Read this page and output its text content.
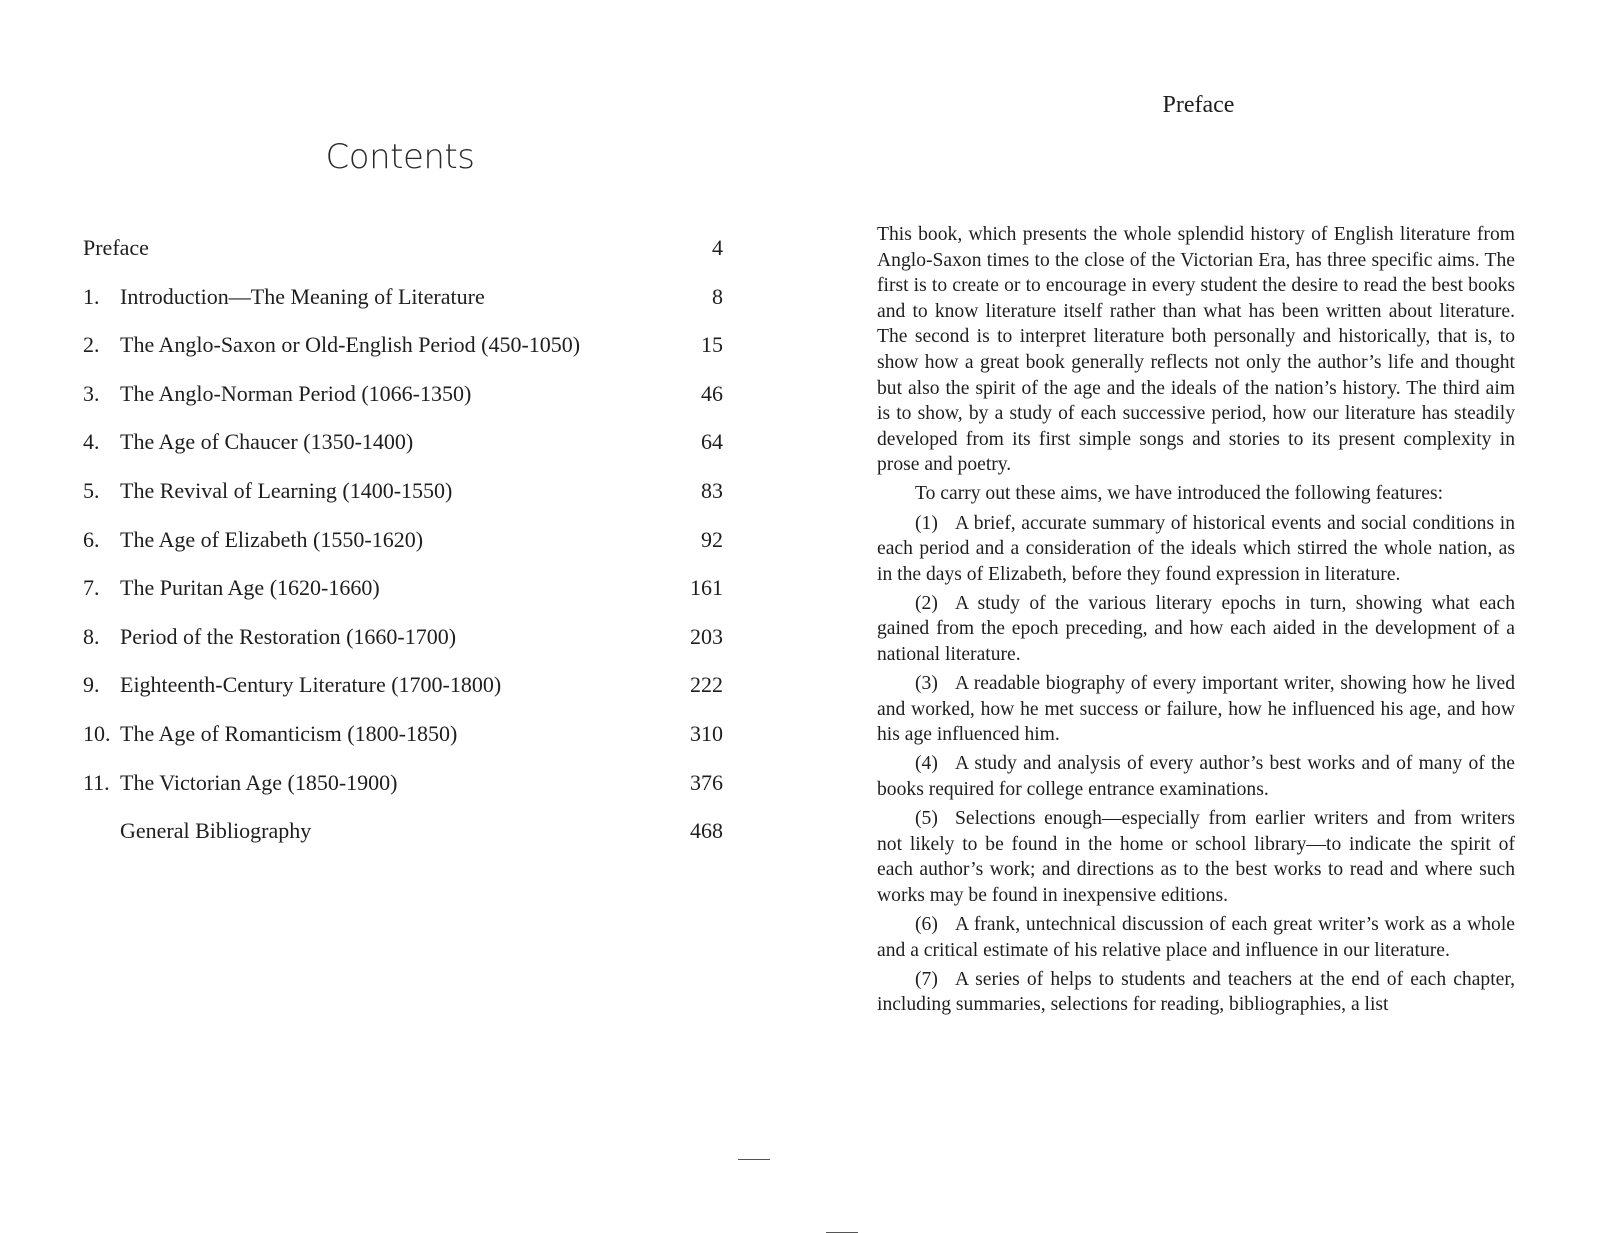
Contents
Preface	4
1. Introduction—The Meaning of Literature	8
2. The Anglo-Saxon or Old-English Period (450-1050)	15
3. The Anglo-Norman Period (1066-1350)	46
4. The Age of Chaucer (1350-1400)	64
5. The Revival of Learning (1400-1550)	83
6. The Age of Elizabeth (1550-1620)	92
7. The Puritan Age (1620-1660)	161
8. Period of the Restoration (1660-1700)	203
9. Eighteenth-Century Literature (1700-1800)	222
10. The Age of Romanticism (1800-1850)	310
11. The Victorian Age (1850-1900)	376
General Bibliography	468
Preface

This book, which presents the whole splendid history of English literature from Anglo-Saxon times to the close of the Victorian Era, has three specific aims. The first is to create or to encourage in every student the desire to read the best books and to know literature itself rather than what has been written about literature. The second is to interpret literature both personally and historically, that is, to show how a great book generally reflects not only the author’s life and thought but also the spirit of the age and the ideals of the nation’s history. The third aim is to show, by a study of each successive period, how our literature has steadily developed from its first simple songs and stories to its present complexity in prose and poetry.

To carry out these aims, we have introduced the following features:

(1) A brief, accurate summary of historical events and social conditions in each period and a consideration of the ideals which stirred the whole nation, as in the days of Elizabeth, before they found expression in literature.

(2) A study of the various literary epochs in turn, showing what each gained from the epoch preceding, and how each aided in the development of a national literature.

(3) A readable biography of every important writer, showing how he lived and worked, how he met success or failure, how he influenced his age, and how his age influenced him.

(4) A study and analysis of every author’s best works and of many of the books required for college entrance examinations.

(5) Selections enough—especially from earlier writers and from writers not likely to be found in the home or school library—to indicate the spirit of each author’s work; and directions as to the best works to read and where such works may be found in inexpensive editions.

(6) A frank, untechnical discussion of each great writer’s work as a whole and a critical estimate of his relative place and influence in our literature.

(7) A series of helps to students and teachers at the end of each chapter, including summaries, selections for reading, bibliographies, a list
